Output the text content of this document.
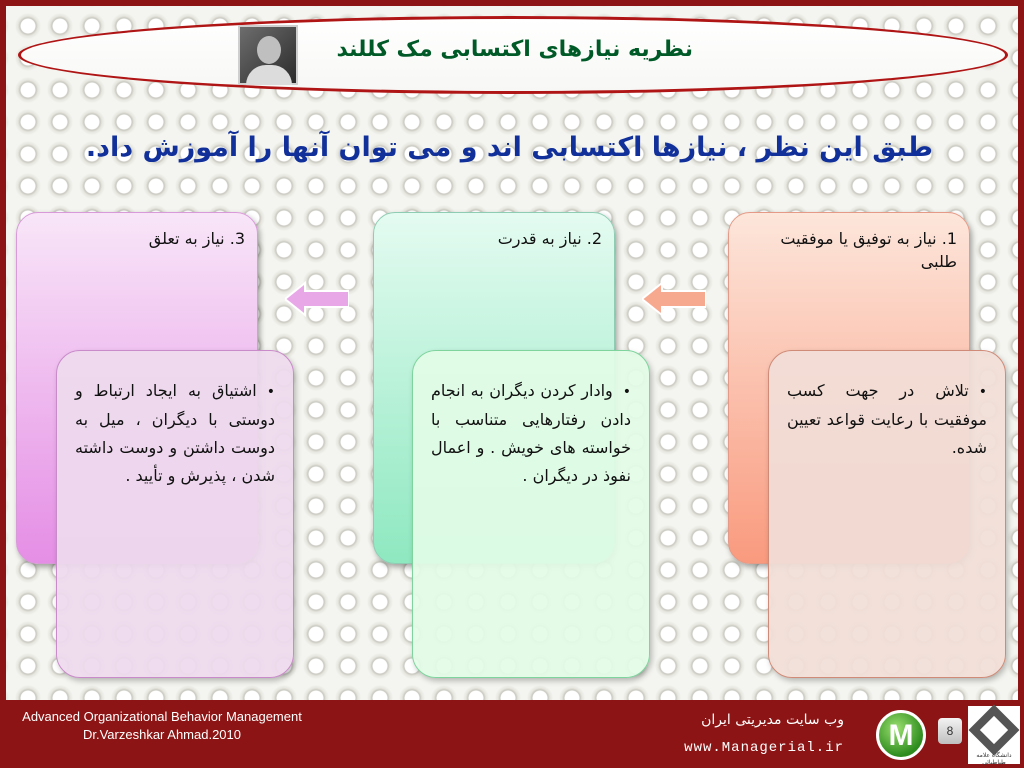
نظریه نیازهای اکتسابی مک کللند
طبق این نظر ، نیازها اکتسابی اند و می توان آنها را آموزش داد.
1. نیاز به توفیق یا موفقیت طلبی
2. نیاز به قدرت
3. نیاز به تعلق
•تلاش در جهت کسب موفقیت با رعایت قواعد تعیین شده.
•وادار کردن دیگران به انجام دادن رفتارهایی متناسب با خواسته های خویش . و اعمال نفوذ در دیگران .
•اشتیاق به ایجاد ارتباط و دوستی با دیگران ، میل به دوست داشتن و دوست داشته شدن ، پذیرش و تأیید .
Advanced Organizational Behavior Management
Dr.Varzeshkar Ahmad.2010
وب سایت مدیریتی ایران
www.Managerial.ir	M	8
دانشگاه علامه طباطبائی
